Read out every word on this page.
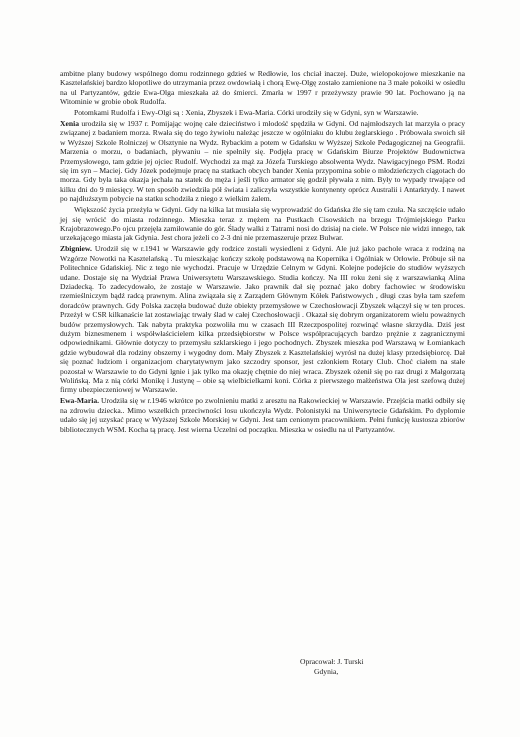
ambitne plany budowy wspólnego domu rodzinnego gdzieś w Redłowie, los chciał inaczej. Duże, wielopokojowe mieszkanie na Kasztelańskiej bardzo kłopotliwe do utrzymania przez owdowiałą i chorą Ewę-Olgę zostało zamienione na 3 małe pokoiki w osiedlu na ul Partyzantów, gdzie Ewa-Olga mieszkała aż do śmierci. Zmarła w 1997 r przeżywszy prawie 90 lat. Pochowano ją na Witominie w grobie obok Rudolfa.

Potomkami Rudolfa i Ewy-Olgi są : Xenia, Zbyszek i Ewa-Maria. Córki urodziły się w Gdyni, syn w Warszawie.

Xenia urodziła się w 1937 r. Pomijając wojnę całe dzieciństwo i młodość spędziła w Gdyni. Od najmłodszych lat marzyła o pracy związanej z badaniem morza. Rwała się do tego żywiołu należąc jeszcze w ogólniaku do klubu żeglarskiego . Próbowała swoich sił w Wyższej Szkole Rolniczej w Olsztynie na Wydz. Rybackim a potem w Gdańsku w Wyższej Szkole Pedagogicznej na Geografii. Marzenia o morzu, o badaniach, pływaniu – nie spełniły się. Podjęła pracę w Gdańskim Biurze Projektów Budownictwa Przemysłowego, tam gdzie jej ojciec Rudolf. Wychodzi za mąż za Józefa Turskiego absolwenta Wydz. Nawigacyjnego PSM. Rodzi się im syn – Maciej. Gdy Józek podejmuje pracę na statkach obcych bander Xenia przypomina sobie o młodzieńczych ciągotach do morza. Gdy była taka okazja jechała na statek do męża i jeśli tylko armator się godził pływała z nim. Były to wypady trwające od kilku dni do 9 miesięcy. W ten sposób zwiedziła pół świata i zaliczyła wszystkie kontynenty oprócz Australii i Antarktydy. I nawet po najdłuższym pobycie na statku schodziła z niego z wielkim żalem.

Większość życia przeżyła w Gdyni. Gdy na kilka lat musiała się wyprowadzić do Gdańska źle się tam czuła. Na szczęście udało jej się wrócić do miasta rodzinnego. Mieszka teraz z mężem na Pustkach Cisowskich na brzegu Trójmiejskiego Parku Krajobrazowego.Po ojcu przejęła zamiłowanie do gór. Ślady walki z Tatrami nosi do dzisiaj na ciele. W Polsce nie widzi innego, tak urzekającego miasta jak Gdynia. Jest chora jeżeli co 2-3 dni nie przemaszeruje przez Bulwar.

Zbigniew. Urodził się w r.1941 w Warszawie gdy rodzice zostali wysiedleni z Gdyni. Ale już jako pachole wraca z rodziną na Wzgórze Nowotki na Kasztelańską . Tu mieszkając kończy szkołę podstawową na Kopernika i Ogólniak w Orłowie. Próbuje sił na Politechnice Gdańskiej. Nic z tego nie wychodzi. Pracuje w Urzędzie Celnym w Gdyni. Kolejne podejście do studiów wyższych udane. Dostaje się na Wydział Prawa Uniwersytetu Warszawskiego. Studia kończy. Na III roku żeni się z warszawianką Alina Dziadecką. To zadecydowało, że zostaje w Warszawie. Jako prawnik dał się poznać jako dobry fachowiec w środowisku rzemieślniczym bądź radcą prawnym. Alina związała się z Zarządem Głównym Kółek Państwowych , długi czas była tam szefem doradców prawnych. Gdy Polska zaczęła budować duże obiekty przemysłowe w Czechosłowacji Zbyszek włączył się w ten proces. Przeżył w CSR kilkanaście lat zostawiając trwały ślad w całej Czechosłowacji . Okazał się dobrym organizatorem wielu poważnych budów przemysłowych. Tak nabyta praktyka pozwoliła mu w czasach III Rzeczpospolitej rozwinąć własne skrzydła. Dziś jest dużym biznesmenem i współwłaścicielem kilka przedsiębiorstw w Polsce współpracujących bardzo prężnie z zagranicznymi odpowiednikami. Głównie dotyczy to przemysłu szklarskiego i jego pochodnych. Zbyszek mieszka pod Warszawą w Łomiankach gdzie wybudował dla rodziny obszerny i wygodny dom. Mały Zbyszek z Kasztelańskiej wyrósł na dużej klasy przedsiębiorcę. Dał się poznać ludziom i organizacjom charytatywnym jako szczodry sponsor, jest członkiem Rotary Club. Choć ciałem na stałe pozostał w Warszawie to do Gdyni lgnie i jak tylko ma okazję chętnie do niej wraca. Zbyszek ożenił się po raz drugi z Małgorzatą Wolińską. Ma z nią córki Monikę i Justynę – obie są wielbicielkami koni. Córka z pierwszego małżeństwa Ola jest szefową dużej firmy ubezpieczeniowej w Warszawie.

Ewa-Maria. Urodziła się w r.1946 wkrótce po zwolnieniu matki z aresztu na Rakowieckiej w Warszawie. Przejścia matki odbiły się na zdrowiu dziecka.. Mimo wszelkich przeciwności losu ukończyła Wydz. Polonistyki na Uniwersytecie Gdańskim. Po dyplomie udało się jej uzyskać pracę w Wyższej Szkole Morskiej w Gdyni. Jest tam cenionym pracownikiem. Pełni funkcję kustosza zbiorów bibliotecznych WSM. Kocha tą pracę. Jest wierna Uczelni od początku. Mieszka w osiedlu na ul Partyzantów.

Opracował: J. Turski
Gdynia,
